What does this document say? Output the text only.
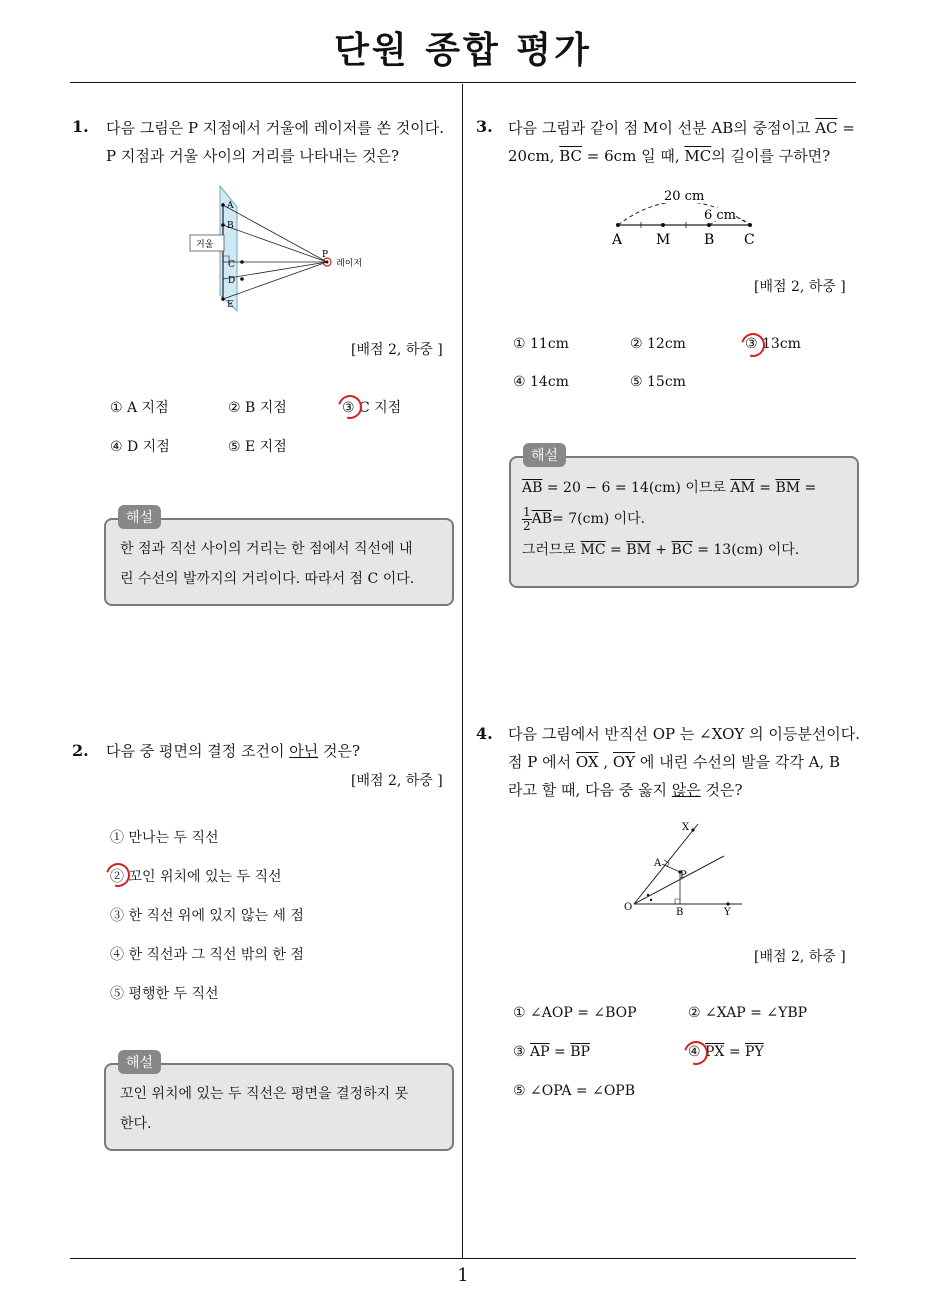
단원 종합 평가
1
1. 다음 그림은 P 지점에서 거울에 레이저를 쏜 것이다.
P 지점과 거울 사이의 거리를 나타내는 것은?
A
B
C
D
E
P
거울
레이저
[배점 2, 하중 ]
① A 지점	② B 지점	③ C 지점
④ D 지점	⑤ E 지점
한 점과 직선 사이의 거리는 한 점에서 직선에 내
린 수선의 발까지의 거리이다. 따라서 점 C 이다.
해설
2. 다음 중 평면의 결정 조건이 아닌 것은?
[배점 2, 하중 ]
① 만나는 두 직선
② 꼬인 위치에 있는 두 직선
③ 한 직선 위에 있지 않는 세 점
④ 한 직선과 그 직선 밖의 한 점
⑤ 평행한 두 직선
꼬인 위치에 있는 두 직선은 평면을 결정하지 못
한다.
해설
3. 다음 그림과 같이 점 M이 선분 AB의 중점이고 $\overline{AC}$ =
20cm, $\overline{BC} = 6cm$ 일 때, $\overline{MC}$의 길이를 구하면?
20 cm
6 cm
A M B C
[배점 2, 하중 ]
① 11cm	② 12cm	③ 13cm
④ 14cm	⑤ 15cm
$\overline{AB} = 20 - 6 = 14(cm)$ 이므로 $\overline{AM} = \overline{BM}$ =
1
2 $\overline{AB} = 7(cm)$ 이다.
그러므로 $\overline{MC} = \overline{BM} + \overline{BC} = 13(cm)$ 이다.
해설
4. 다음 그림에서 반직선 OP 는 ∠XOY 의 이등분선이다.
점 P 에서 $\overline{OX}$ , $\overline{OY}$ 에 내린 수선의 발을 각각 A, B
라고 할 때, 다음 중 옳지 않은 것은?
X
A
P
O	B	Y
[배점 2, 하중 ]
① ∠AOP = ∠BOP	② ∠XAP = ∠YBP
③ $\overline{AP} = \overline{BP}$	④ $\overline{PX} = \overline{PY}$
⑤ ∠OPA = ∠OPB
